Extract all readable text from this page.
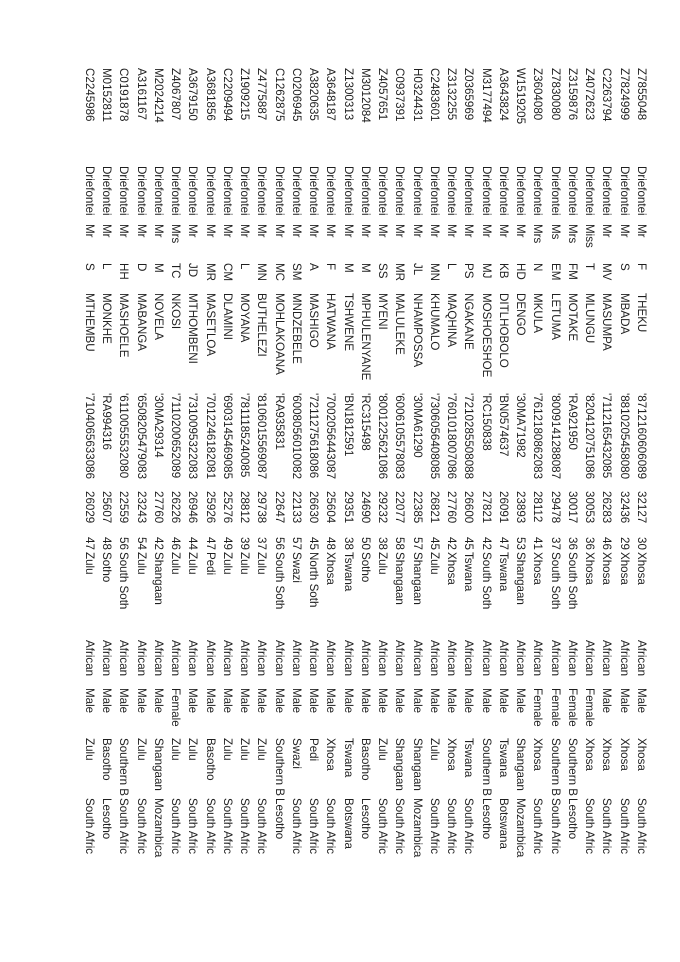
Z7855048	Driefontei	Mr	F	THEKU	'8712160606089	32127	30	Xhosa	African	Male	Xhosa	South Afric
Z7824999	Driefontei	Mr	S	MBADA	'8810205458080	32436	29	Xhosa	African	Male	Xhosa	South Afric
C2263794	Driefontei	Mr	MV	MASUMPA	'7112165432085	26283	46	Xhosa	African	Male	Xhosa	South Afric
Z4072623	Driefontei	Miss	T	MLUNGU	'8204120751086	30053	36	Xhosa	African	Female	Xhosa	South Afric
Z3159876	Driefontei	Mrs	FM	MOTAKE	'RA921950	30017	36	South Soth	African	Female	Southern B	Lesotho
Z7830080	Driefontei	Ms	EM	LETUMA	'8009141288087	29478	37	South Soth	African	Female	Southern B	South Afric
Z3604080	Driefontei	Mrs	N	MKULA	'7612180862083	28112	41	Xhosa	African	Female	Xhosa	South Afric
W1519205	Driefontei	Mr	HD	DENGO	'30MA71982	23893	53	Shangaan	African	Male	Shangaan	Mozambica
A3643824	Driefontei	Mr	KB	DITLHOBOLO	'BN0574637	26091	47	Tswana	African	Male	Tswana	Botswana
M3177494	Driefontei	Mr	MJ	MOSHOESHOE	'RC150838	27821	42	South Soth	African	Male	Southern B	Lesotho
Z0365969	Driefontei	Mr	PS	NGAKANE	'7210285508088	26600	45	Tswana	African	Male	Tswana	South Afric
Z3132255	Driefontei	Mr	L	MAQHINA	'7601018007086	27760	42	Xhosa	African	Male	Xhosa	South Afric
C2483601	Driefontei	Mr	MN	KHUMALO	'7306056408085	26821	45	Zulu	African	Male	Zulu	South Afric
H0324431	Driefontei	Mr	JL	NHAMPOSSA	'30MA61290	22385	57	Shangaan	African	Male	Shangaan	Mozambica
C0937391	Driefontei	Mr	MR	MALULEKE	'6006105578083	22077	58	Shangaan	African	Male	Shangaan	South Afric
Z4057651	Driefontei	Mr	SS	MYENI	'8001225621086	29232	38	Zulu	African	Male	Zulu	South Afric
M3012084	Driefontei	Mr	M	MPHULENYANE	'RC315498	24690	50	Sotho	African	Male	Basotho	Lesotho
Z1300313	Driefontei	Mr	M	TSHWENE	'BN1812591	29351	38	Tswana	African	Male	Tswana	Botswana
A3648187	Driefontei	Mr	F	HATWANA	'7002056443087	25604	48	Xhosa	African	Male	Xhosa	South Afric
A3820635	Driefontei	Mr	A	MASHIGO	'7211275618086	26630	45	North Soth	African	Male	Pedi	South Afric
C0206945	Driefontei	Mr	SM	MNDZEBELE	'6008056010082	22133	57	Swazi	African	Male	Swazi	South Afric
C1262875	Driefontei	Mr	MC	MOHLAKOANA	'RA935831	22647	56	South Soth	African	Male	Southern B	Lesotho
Z4775887	Driefontei	Mr	MN	BUTHELEZI	'8106015569087	29738	37	Zulu	African	Male	Zulu	South Afric
Z1909215	Driefontei	Mr	L	MOYANA	'7811185240085	28812	39	Zulu	African	Male	Zulu	South Afric
C2209494	Driefontei	Mr	CM	DLAMINI	'6903145469085	25276	49	Zulu	African	Male	Zulu	South Afric
A3681856	Driefontei	Mr	MR	MASETLOA	'7012246182081	25926	47	Pedi	African	Male	Basotho	South Afric
A3679150	Driefontei	Mr	JD	MTHOMBENI	'7310095322083	26946	44	Zulu	African	Male	Zulu	South Afric
Z4067807	Driefontei	Mrs	TC	NKOSI	'7110200652089	26226	46	Zulu	African	Female	Zulu	South Afric
M2024214	Driefontei	Mr	M	NOVELA	'30MA29314	27760	42	Shangaan	African	Male	Shangaan	Mozambica
A3161167	Driefontei	Mr	D	MABANGA	'6508205479083	23243	54	Zulu	African	Male	Zulu	South Afric
C0191878	Driefontei	Mr	HH	MASHOELE	'6110055532080	22559	56	South Soth	African	Male	Southern B	South Afric
M0152811	Driefontei	Mr	L	MONKHE	'RA994316	25607	48	Sotho	African	Male	Basotho	Lesotho
C2245986	Driefontei	Mr	S	MTHEMBU	'7104065633086	26029	47	Zulu	African	Male	Zulu	South Afric
